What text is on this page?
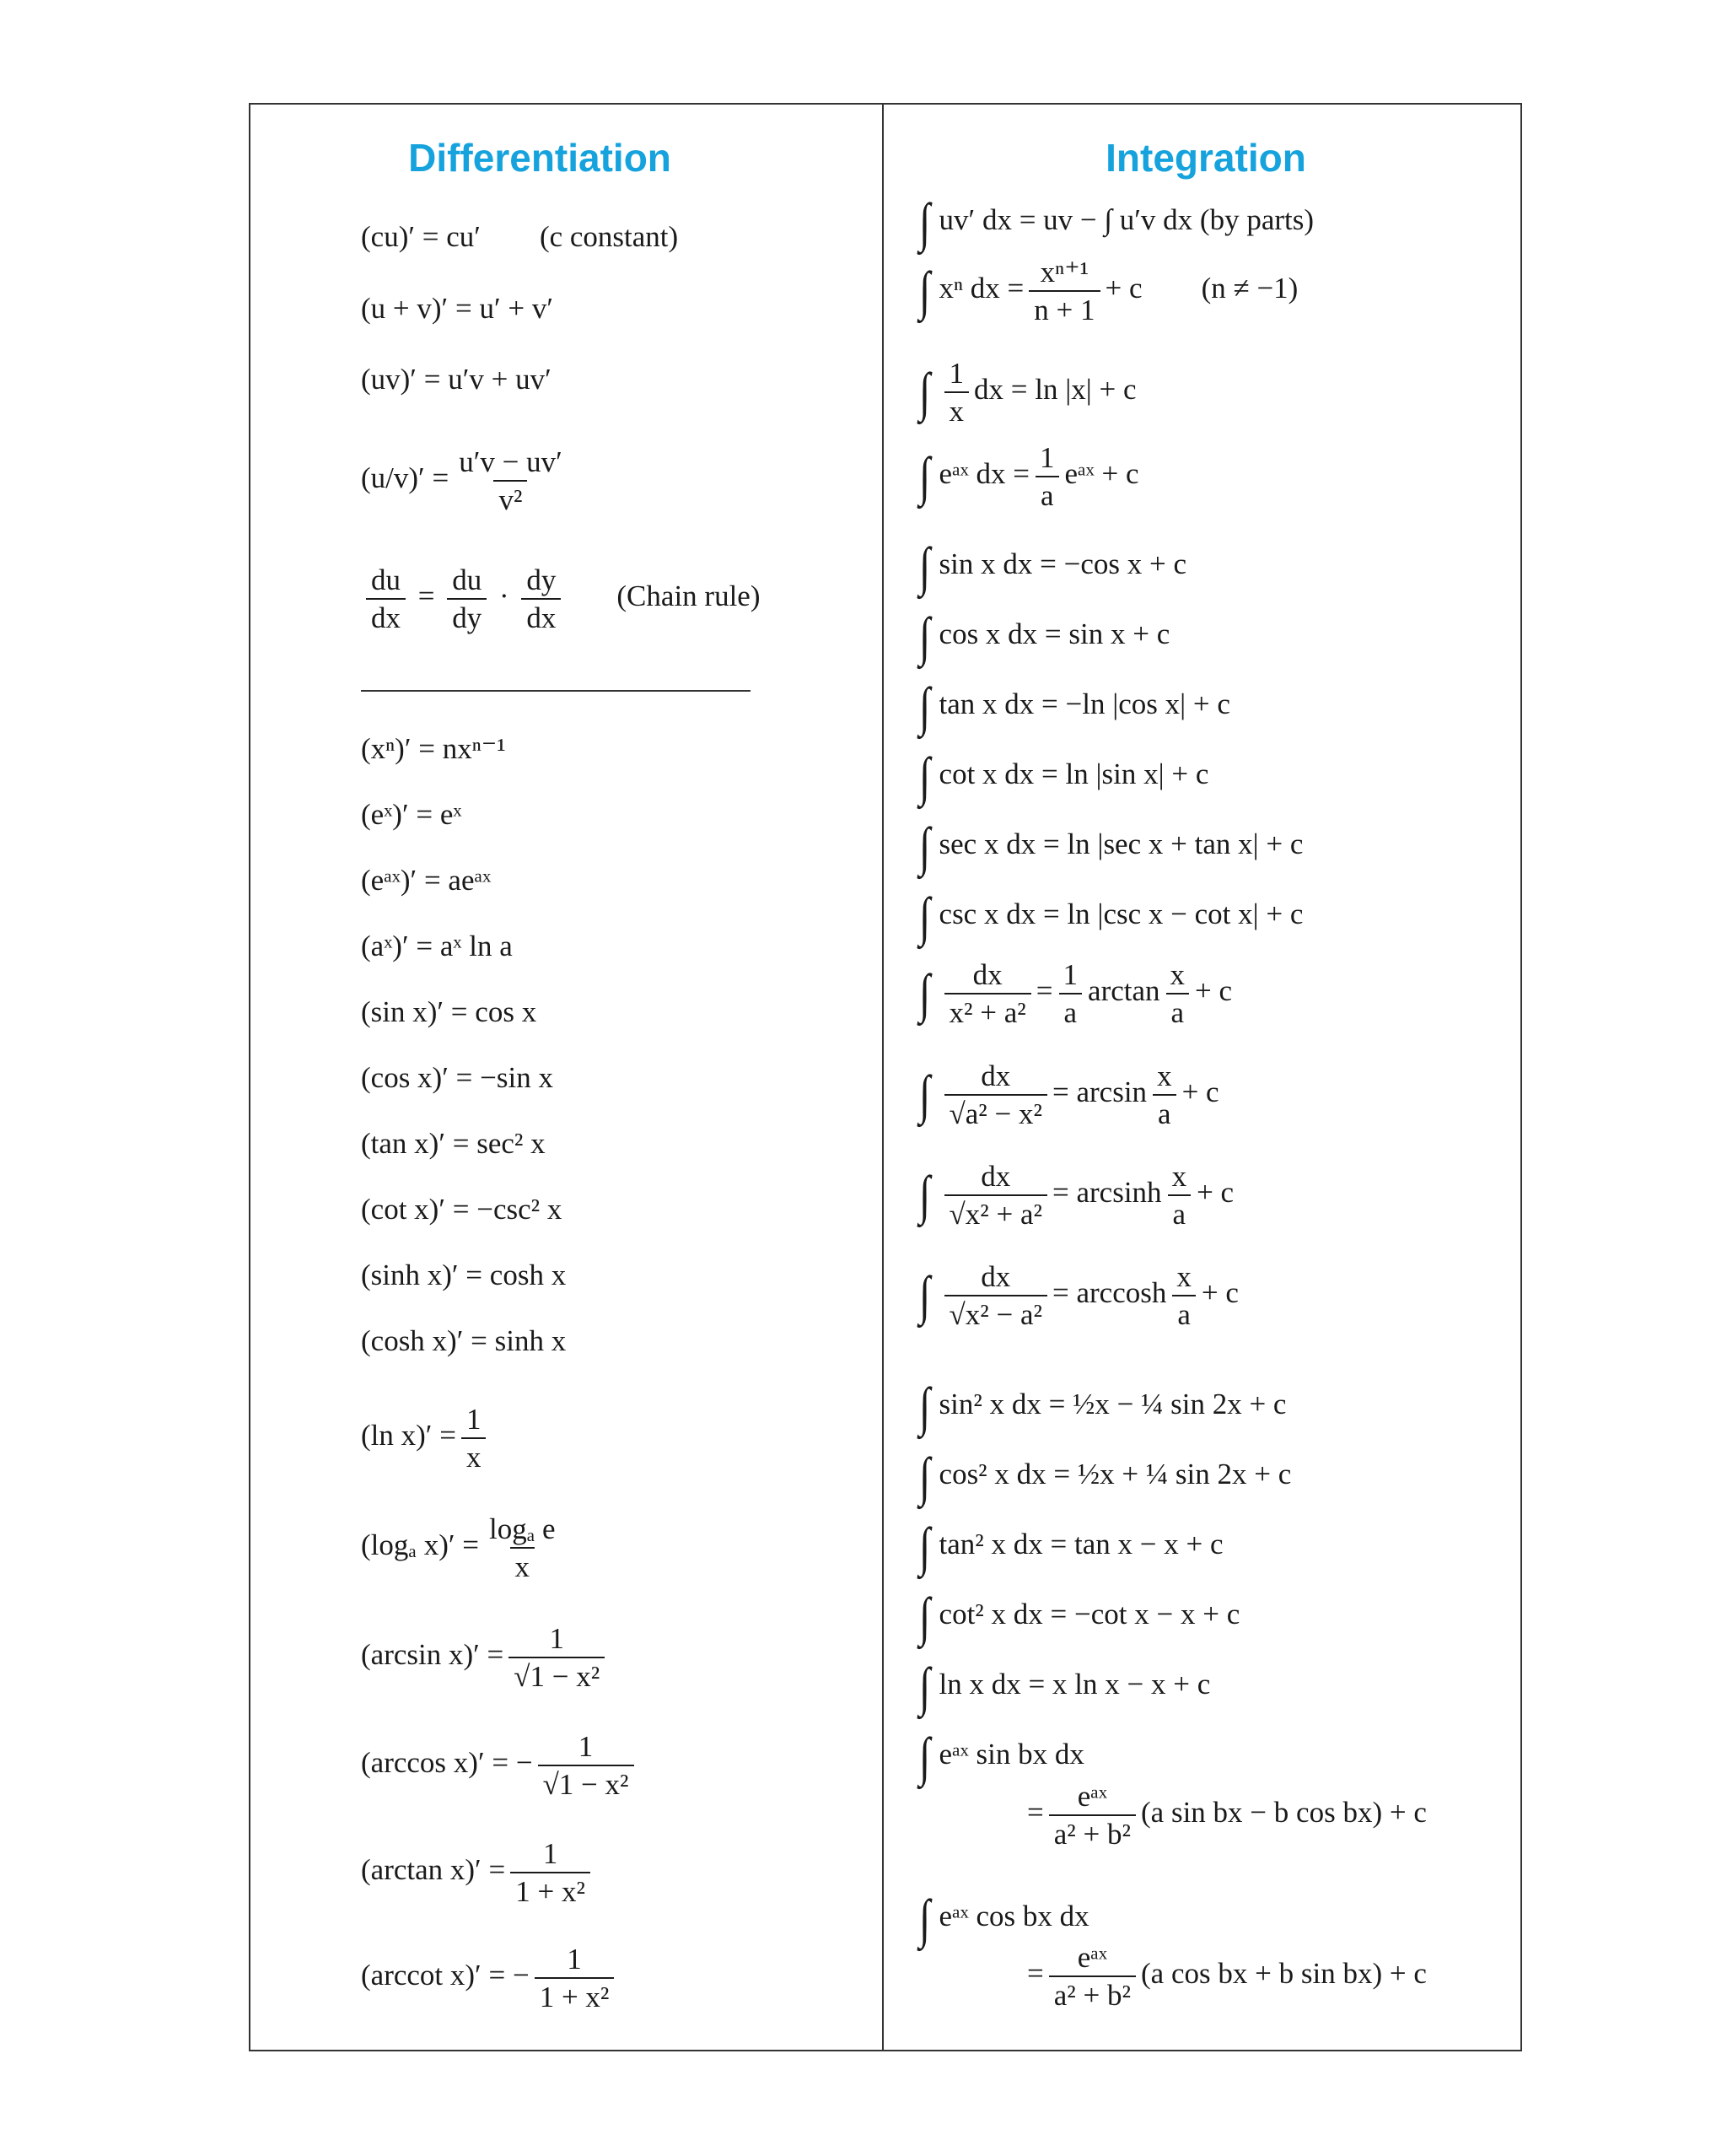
Differentiation	Integration
(cu)′ = cu′ (c constant)
(u + v)′ = u′ + v′
(uv)′ = u′v + uv′
$(u/v)' = \frac{u'v - uv'}{\text{v²}}$
$\frac{du}{dx} = \frac{du}{dy} \cdot \frac{dy}{dx}$ (Chain rule)
(xⁿ)′ = nxⁿ⁻¹
(eˣ)′ = eˣ
(eᵃˣ)′ = aeᵃˣ
(aˣ)′ = aˣ ln a
(sin x)′ = cos x
(cos x)′ = −sin x
(tan x)′ = sec² x
(cot x)′ = −csc² x
(sinh x)′ = cosh x
(cosh x)′ = sinh x
(ln $x)' = \frac{1}{x}$
(logₐ $x)' = \frac{\text{logₐ e}}{x}$
(arcsin $x)' = \frac{1}{\text{√1 − x²}}$
(arccos x)′ = − $\frac{1}{\text{√1 − x²}}$
(arctan $x)' = \frac{1}{\text{1 + x²}}$
(arccot x)′ = − $\frac{1}{\text{1 + x²}}$
∫ uv′ dx = uv − ∫ u′v dx (by parts)
∫ xⁿ dx = $\frac{\text{xⁿ⁺¹}}{n + 1} + c$ (n ≠ −1)
∫ $\frac{1}{x}$ dx = ln |x| + c
∫ eᵃˣ dx = $\frac{1}{a}$ eᵃˣ + c
∫ sin x dx = −cos x + c
∫ cos x dx = sin x + c
∫ tan x dx = −ln |cos x| + c
∫ cot x dx = ln |sin x| + c
∫ sec x dx = ln |sec x + tan x| + c
∫ csc x dx = ln |csc x − cot x| + c
∫ $\frac{dx}{\text{x² + a²}} = \frac{1}{a}$ $\arctan \frac{x}{a} + c$
∫ $\frac{dx}{\text{√a² − x²}} = \arcsin \frac{x}{a} + c$
∫ $\frac{dx}{\text{√x² + a²}} = \arcsin h \frac{x}{a} + c$
∫ $\frac{dx}{\text{√x² − a²}} = \arccos h \frac{x}{a} + c$
∫ sin² x dx = ½x − ¼ sin 2x + c
∫ cos² x dx = ½x + ¼ sin 2x + c
∫ tan² x dx = tan x − x + c
∫ cot² x dx = −cot x − x + c
∫ ln x dx = x ln x − x + c
∫ eᵃˣ sin bx dx
= $\frac{\text{eᵃˣ}}{\text{a² + b²}} (a$ sin bx − b cos bx) + c
∫ eᵃˣ cos bx dx
= $\frac{\text{eᵃˣ}}{\text{a² + b²}} (a$ cos bx + b sin bx) + c
